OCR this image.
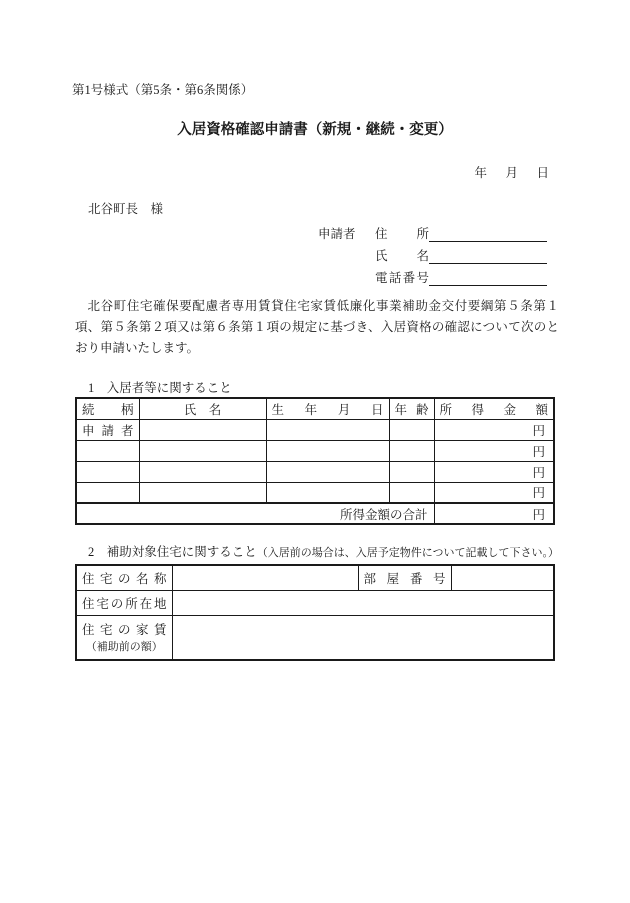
第1号様式（第5条・第6条関係）
入居資格確認申請書（新規・継続・変更）
年　月　日
北谷町長　様
申請者 住所
氏名
電話番号

北谷町住宅確保要配慮者専用賃貸住宅家賃低廉化事業補助金交付要綱第５条第１項、第５条第２項又は第６条第１項の規定に基づき、入居資格の確認について次のとおり申請いたします。

1　入居者等に関すること
続柄	氏　名	生年月日	年齢	所得金額
申請者				円
				円
				円
				円
所得金額の合計				円
2　補助対象住宅に関すること（入居前の場合は、入居予定物件について記載して下さい。）
住宅の名称		部屋番号	
住宅の所在地			

住宅の家賃
（補助前の額）			
